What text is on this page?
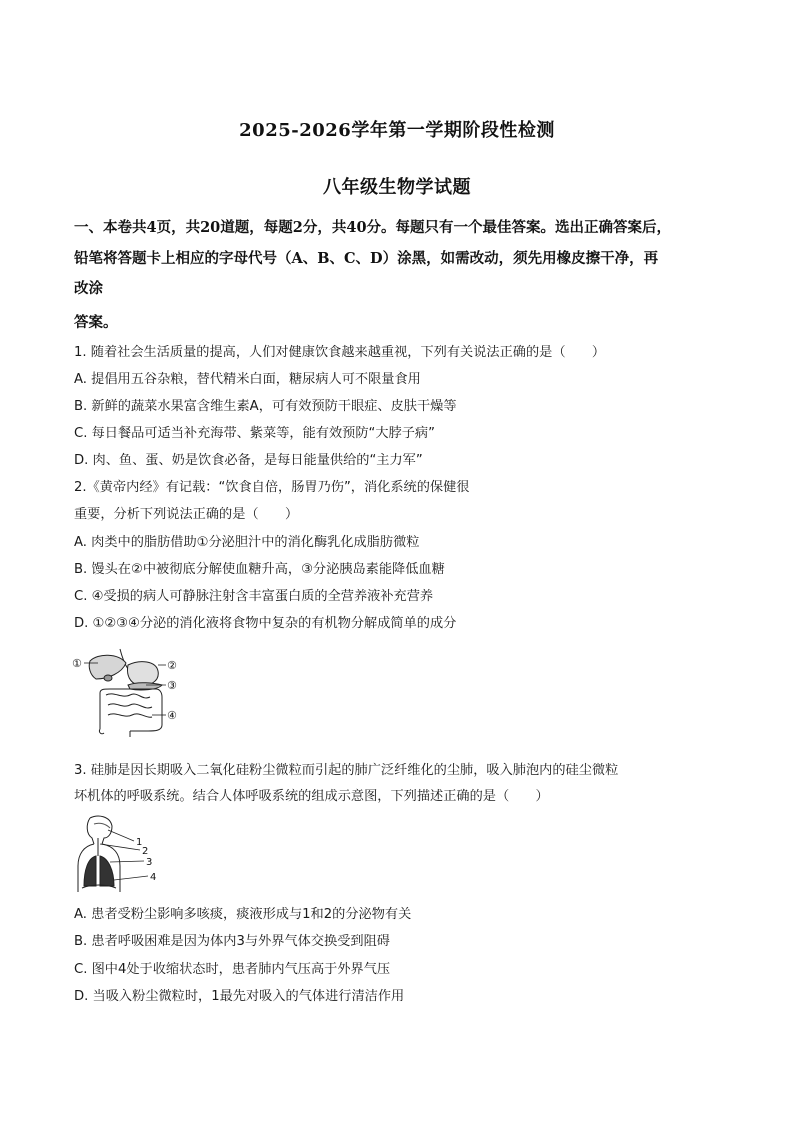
2025-2026学年第一学期阶段性检测
八年级生物学试题
一、本卷共4页，共20道题，每题2分，共40分。每题只有一个最佳答案。选出正确答案后，
铅笔将答题卡上相应的字母代号（A、B、C、D）涂黑，如需改动，须先用橡皮擦干净，再
改涂
答案。
1. 随着社会生活质量的提高，人们对健康饮食越来越重视，下列有关说法正确的是（　　）
A. 提倡用五谷杂粮，替代精米白面，糖尿病人可不限量食用
B. 新鲜的蔬菜水果富含维生素A，可有效预防干眼症、皮肤干燥等
C. 每日餐品可适当补充海带、紫菜等，能有效预防“大脖子病”
D. 肉、鱼、蛋、奶是饮食必备，是每日能量供给的“主力军”
2.《黄帝内经》有记载：“饮食自倍，肠胃乃伤”，消化系统的保健很
重要，分析下列说法正确的是（　　）
A. 肉类中的脂肪借助①分泌胆汁中的消化酶乳化成脂肪微粒
B. 馒头在②中被彻底分解使血糖升高，③分泌胰岛素能降低血糖
C. ④受损的病人可静脉注射含丰富蛋白质的全营养液补充营养
D. ①②③④分泌的消化液将食物中复杂的有机物分解成简单的成分
①	②
③
④
3. 硅肺是因长期吸入二氧化硅粉尘微粒而引起的肺广泛纤维化的尘肺，吸入肺泡内的硅尘微粒
坏机体的呼吸系统。结合人体呼吸系统的组成示意图，下列描述正确的是（　　）
1
2
3
4
A. 患者受粉尘影响多咳痰，痰液形成与1和2的分泌物有关
B. 患者呼吸困难是因为体内3与外界气体交换受到阻碍
C. 图中4处于收缩状态时，患者肺内气压高于外界气压
D. 当吸入粉尘微粒时，1最先对吸入的气体进行清洁作用
